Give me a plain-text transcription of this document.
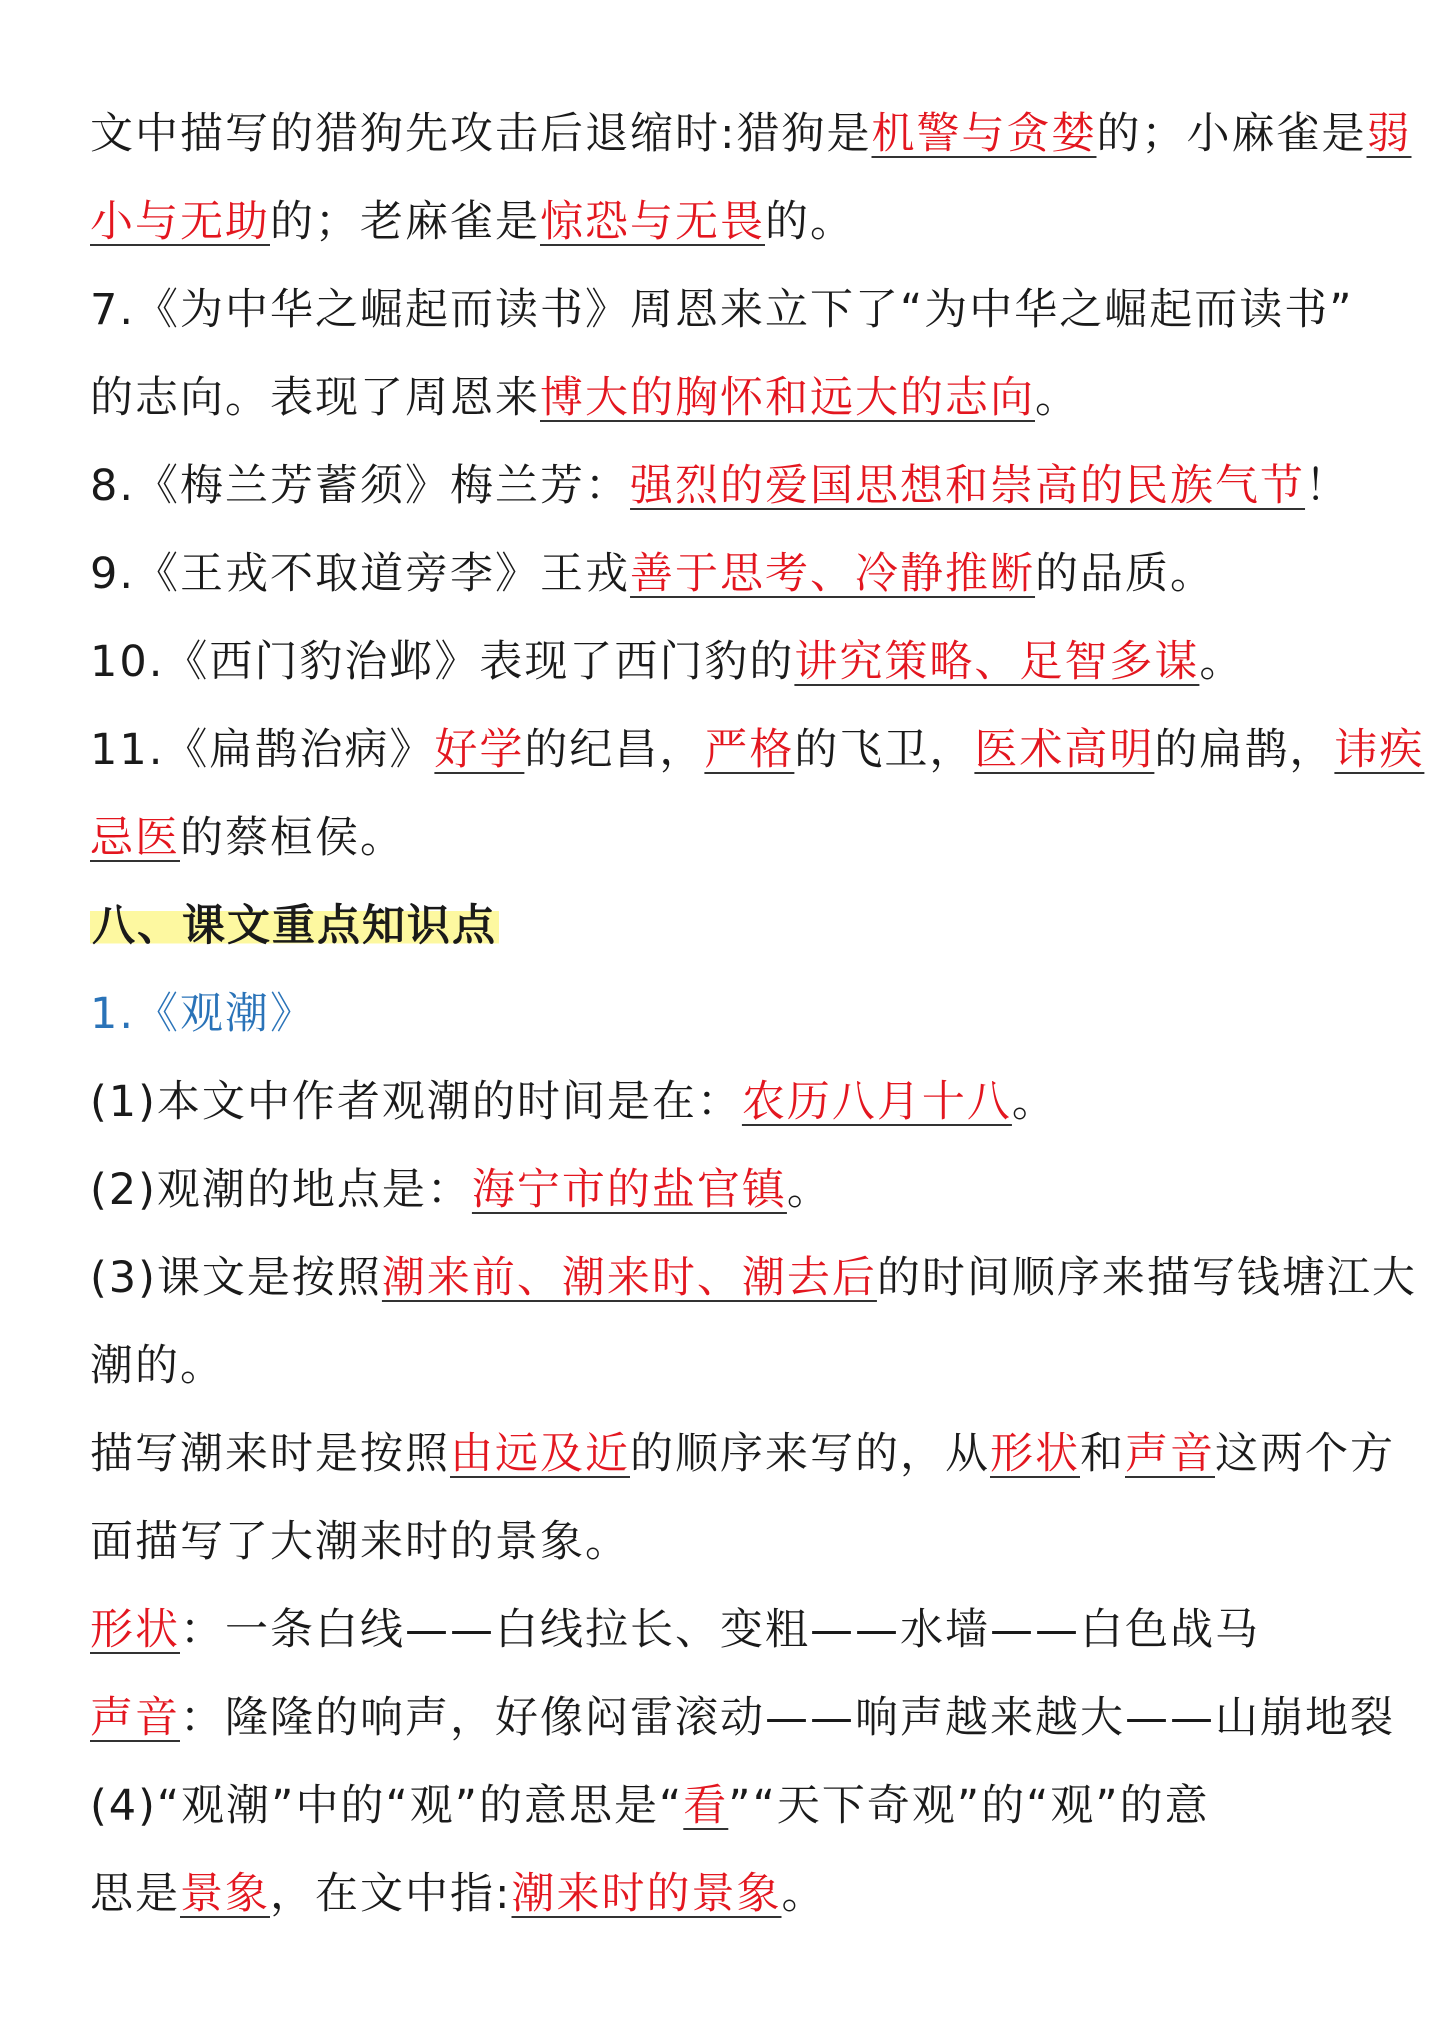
文中描写的猎狗先攻击后退缩时:猎狗是机警与贪婪的；小麻雀是弱
小与无助的；老麻雀是惊恐与无畏的。
7.《为中华之崛起而读书》周恩来立下了“为中华之崛起而读书”
的志向。表现了周恩来博大的胸怀和远大的志向。
8.《梅兰芳蓄须》梅兰芳：强烈的爱国思想和崇高的民族气节！
9.《王戎不取道旁李》王戎善于思考、冷静推断的品质。
10.《西门豹治邺》表现了西门豹的讲究策略、足智多谋。
11.《扁鹊治病》好学的纪昌，严格的飞卫，医术高明的扁鹊，讳疾
忌医的蔡桓侯。
八、课文重点知识点
1.《观潮》
(1)本文中作者观潮的时间是在：农历八月十八。
(2)观潮的地点是：海宁市的盐官镇。
(3)课文是按照潮来前、潮来时、潮去后的时间顺序来描写钱塘江大
潮的。
描写潮来时是按照由远及近的顺序来写的，从形状和声音这两个方
面描写了大潮来时的景象。
形状：一条白线——白线拉长、变粗——水墙——白色战马
声音：隆隆的响声，好像闷雷滚动——响声越来越大——山崩地裂
(4)“观潮”中的“观”的意思是“看”“天下奇观”的“观”的意
思是景象，在文中指:潮来时的景象。
